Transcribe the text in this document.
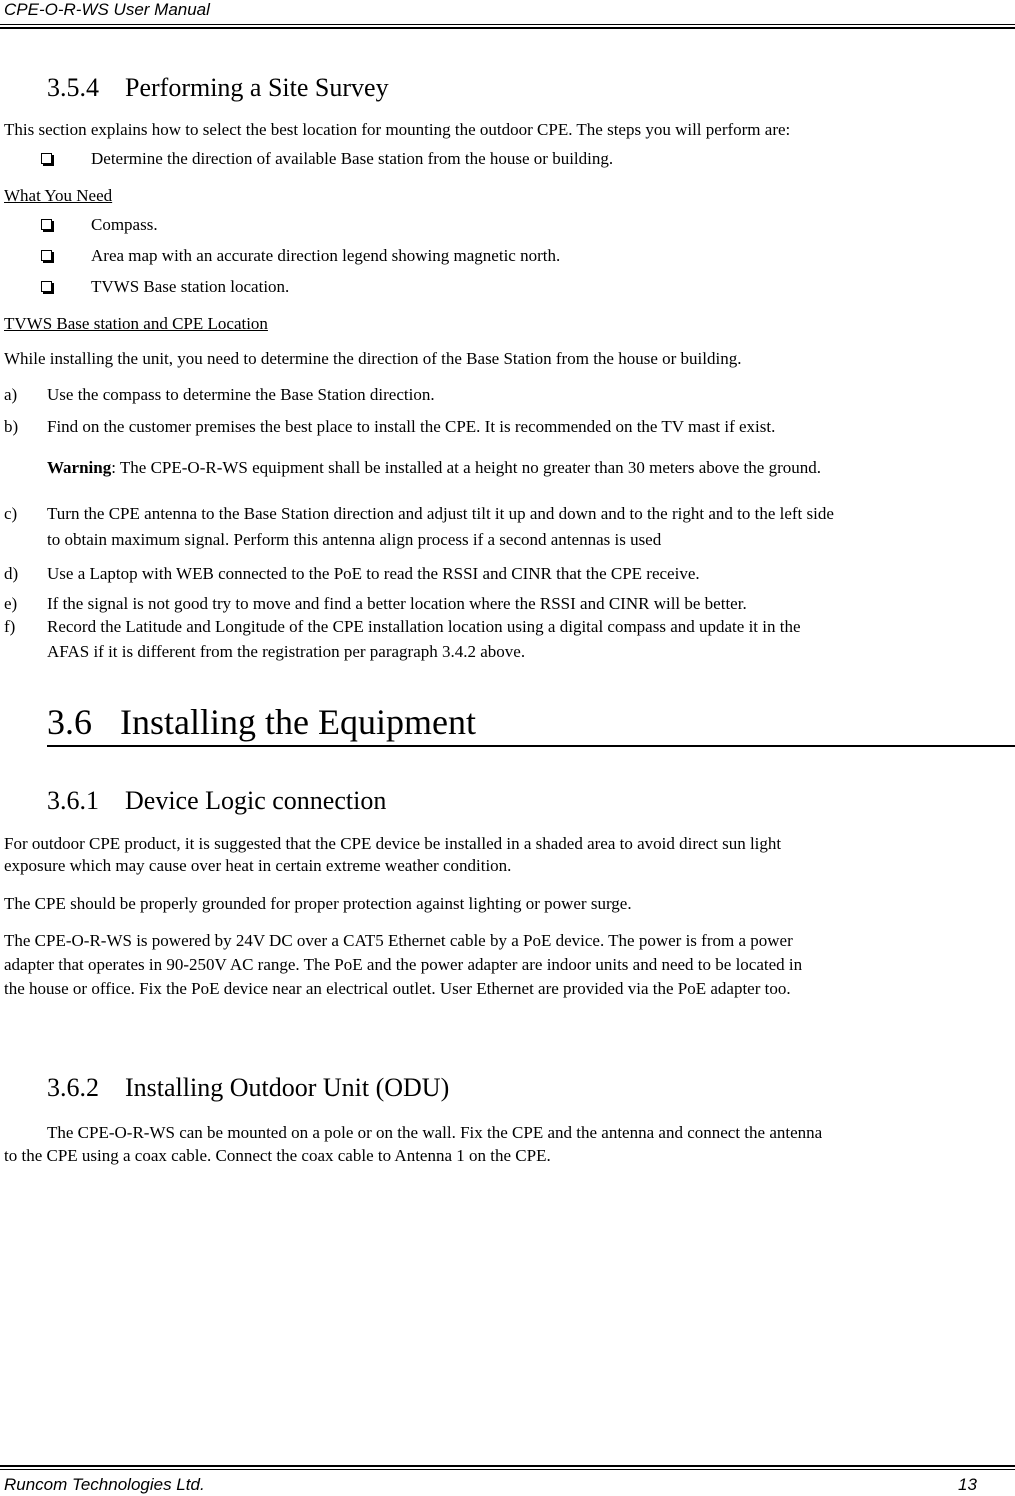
CPE-O-R-WS User Manual
3.5.4 Performing a Site Survey
This section explains how to select the best location for mounting the outdoor CPE. The steps you will perform are:
Determine the direction of available Base station from the house or building.
What You Need
Compass.
Area map with an accurate direction legend showing magnetic north.
TVWS Base station location.
TVWS Base station and CPE Location
While installing the unit, you need to determine the direction of the Base Station from the house or building.
a) Use the compass to determine the Base Station direction.
b) Find on the customer premises the best place to install the CPE. It is recommended on the TV mast if exist.
Warning: The CPE-O-R-WS equipment shall be installed at a height no greater than 30 meters above the ground.
c) Turn the CPE antenna to the Base Station direction and adjust tilt it up and down and to the right and to the left side
to obtain maximum signal. Perform this antenna align process if a second antennas is used
d) Use a Laptop with WEB connected to the PoE to read the RSSI and CINR that the CPE receive.
e) If the signal is not good try to move and find a better location where the RSSI and CINR will be better.
f) Record the Latitude and Longitude of the CPE installation location using a digital compass and update it in the
AFAS if it is different from the registration per paragraph 3.4.2 above.
3.6 Installing the Equipment
3.6.1 Device Logic connection
For outdoor CPE product, it is suggested that the CPE device be installed in a shaded area to avoid direct sun light
exposure which may cause over heat in certain extreme weather condition.
The CPE should be properly grounded for proper protection against lighting or power surge.
The CPE-O-R-WS is powered by 24V DC over a CAT5 Ethernet cable by a PoE device. The power is from a power
adapter that operates in 90-250V AC range. The PoE and the power adapter are indoor units and need to be located in
the house or office. Fix the PoE device near an electrical outlet. User Ethernet are provided via the PoE adapter too.
3.6.2 Installing Outdoor Unit (ODU)
The CPE-O-R-WS can be mounted on a pole or on the wall. Fix the CPE and the antenna and connect the antenna
to the CPE using a coax cable. Connect the coax cable to Antenna 1 on the CPE.
Runcom Technologies Ltd.	13
